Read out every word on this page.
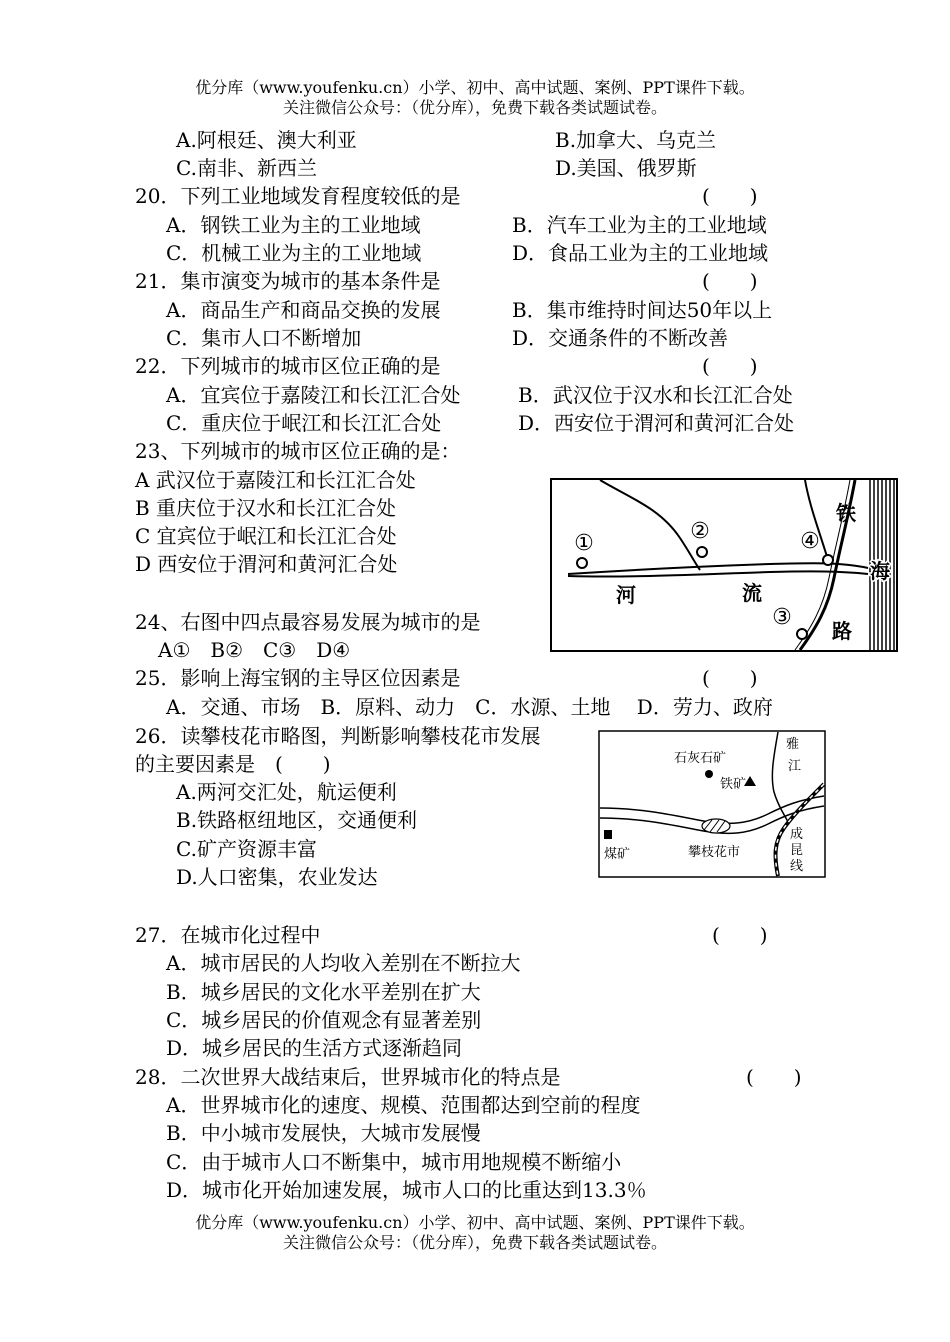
优分库（www.youfenku.cn）小学、初中、高中试题、案例、PPT课件下载。
关注微信公众号：（优分库），免费下载各类试题试卷。
A.阿根廷、澳大利亚	B.加拿大、乌克兰
C.南非、新西兰	D.美国、俄罗斯
20．下列工业地域发育程度较低的是	(　　)
A．钢铁工业为主的工业地域	B．汽车工业为主的工业地域
C．机械工业为主的工业地域	D．食品工业为主的工业地域
21．集市演变为城市的基本条件是	(　　)
A．商品生产和商品交换的发展	B．集市维持时间达50年以上
C．集市人口不断增加	D．交通条件的不断改善
22．下列城市的城市区位正确的是	(　　)
A．宜宾位于嘉陵江和长江汇合处	B．武汉位于汉水和长江汇合处
C．重庆位于岷江和长江汇合处	D．西安位于渭河和黄河汇合处
23、下列城市的城市区位正确的是：
A 武汉位于嘉陵江和长江汇合处
B 重庆位于汉水和长江汇合处
C 宜宾位于岷江和长江汇合处
D 西安位于渭河和黄河汇合处
①	②
③
④
河	流
铁
路
海
24、右图中四点最容易发展为城市的是
A①　B②　C③　D④
25．影响上海宝钢的主导区位因素是	(　　)
A．交通、市场　B．原料、动力　C．水源、土地　 D．劳力、政府
26．读攀枝花市略图，判断影响攀枝花市发展
的主要因素是　(　　)
A.两河交汇处，航运便利
B.铁路枢纽地区，交通便利
C.矿产资源丰富
D.人口密集，农业发达
石灰石矿
铁矿
煤矿	攀枝花市
雅
江
成
昆
线
27．在城市化过程中	(　　)
A．城市居民的人均收入差别在不断拉大
B．城乡居民的文化水平差别在扩大
C．城乡居民的价值观念有显著差别
D．城乡居民的生活方式逐渐趋同
28．二次世界大战结束后，世界城市化的特点是	(　　)
A．世界城市化的速度、规模、范围都达到空前的程度
B．中小城市发展快，大城市发展慢
C．由于城市人口不断集中，城市用地规模不断缩小
D．城市化开始加速发展，城市人口的比重达到13.3％
优分库（www.youfenku.cn）小学、初中、高中试题、案例、PPT课件下载。
关注微信公众号：（优分库），免费下载各类试题试卷。
